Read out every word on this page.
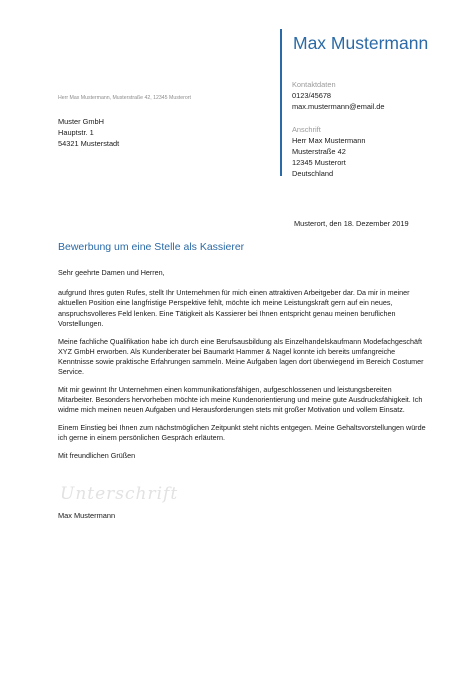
Max Mustermann
Kontaktdaten
0123/45678
max.mustermann@email.de
Anschrift
Herr Max Mustermann
Musterstraße 42
12345 Musterort
Deutschland
Herr Max Mustermann, Musterstraße 42, 12345 Musterort
Muster GmbH
Hauptstr. 1
54321 Musterstadt
Musterort, den 18. Dezember 2019
Bewerbung um eine Stelle als Kassierer

Sehr geehrte Damen und Herren,

aufgrund Ihres guten Rufes, stellt Ihr Unternehmen für mich einen attraktiven Arbeitgeber dar. Da mir in meiner aktuellen Position eine langfristige Perspektive fehlt, möchte ich meine Leistungskraft gern auf ein neues, anspruchsvolleres Feld lenken. Eine Tätigkeit als Kassierer bei Ihnen entspricht genau meinen beruflichen Vorstellungen.

Meine fachliche Qualifikation habe ich durch eine Berufsausbildung als Einzelhandelskaufmann Modefachgeschäft XYZ GmbH erworben. Als Kundenberater bei Baumarkt Hammer & Nagel konnte ich bereits umfangreiche Kenntnisse sowie praktische Erfahrungen sammeln. Meine Aufgaben lagen dort überwiegend im Bereich Costumer Service.

Mit mir gewinnt Ihr Unternehmen einen kommunikationsfähigen, aufgeschlossenen und leistungsbereiten Mitarbeiter. Besonders hervorheben möchte ich meine Kundenorientierung und meine gute Ausdrucksfähigkeit. Ich widme mich meinen neuen Aufgaben und Herausforderungen stets mit großer Motivation und vollem Einsatz.

Einem Einstieg bei Ihnen zum nächstmöglichen Zeitpunkt steht nichts entgegen. Meine Gehaltsvorstellungen würde ich gerne in einem persönlichen Gespräch erläutern.

Mit freundlichen Grüßen

Unterschrift
Max Mustermann
